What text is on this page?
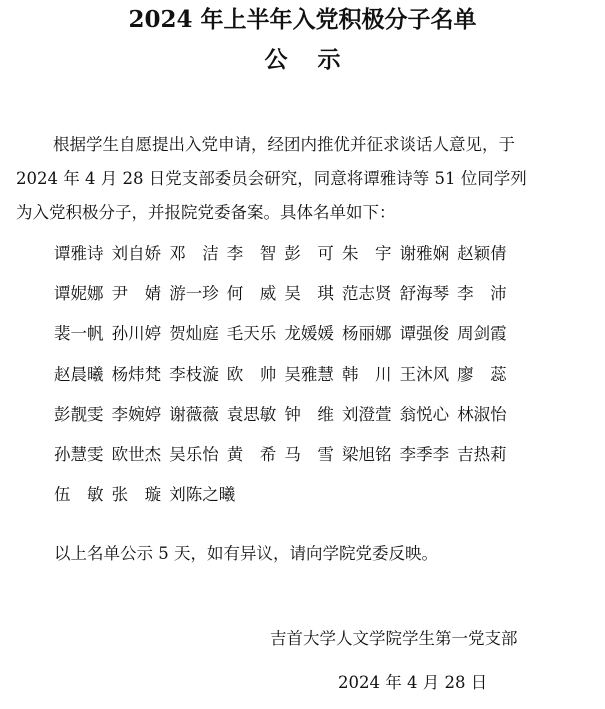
2024 年上半年入党积极分子名单
公示
根据学生自愿提出入党申请，经团内推优并征求谈话人意见，于
2024 年 4 月 28 日党支部委员会研究，同意将谭雅诗等 51 位同学列
为入党积极分子，并报院党委备案。具体名单如下：
谭雅诗 刘自娇 邓　洁 李　智 彭　可 朱　宇 谢雅娴 赵颖倩
谭妮娜 尹　婧 游一珍 何　威 吴　琪 范志贤 舒海琴 李　沛
裴一帆 孙川婷 贺灿庭 毛天乐 龙媛媛 杨丽娜 谭强俊 周剑霞
赵晨曦 杨炜梵 李枝漩 欧　帅 吴雅慧 韩　川 王沐风 廖　蕊
彭靓雯 李婉婷 谢薇薇 袁思敏 钟　维 刘澄萱 翁悦心 林淑怡
孙慧雯 欧世杰 吴乐怡 黄　希 马　雪 梁旭铭 李季李 吉热莉
伍　敏 张　璇 刘陈之曦
以上名单公示 5 天，如有异议，请向学院党委反映。
吉首大学人文学院学生第一党支部
2024 年 4 月 28 日
